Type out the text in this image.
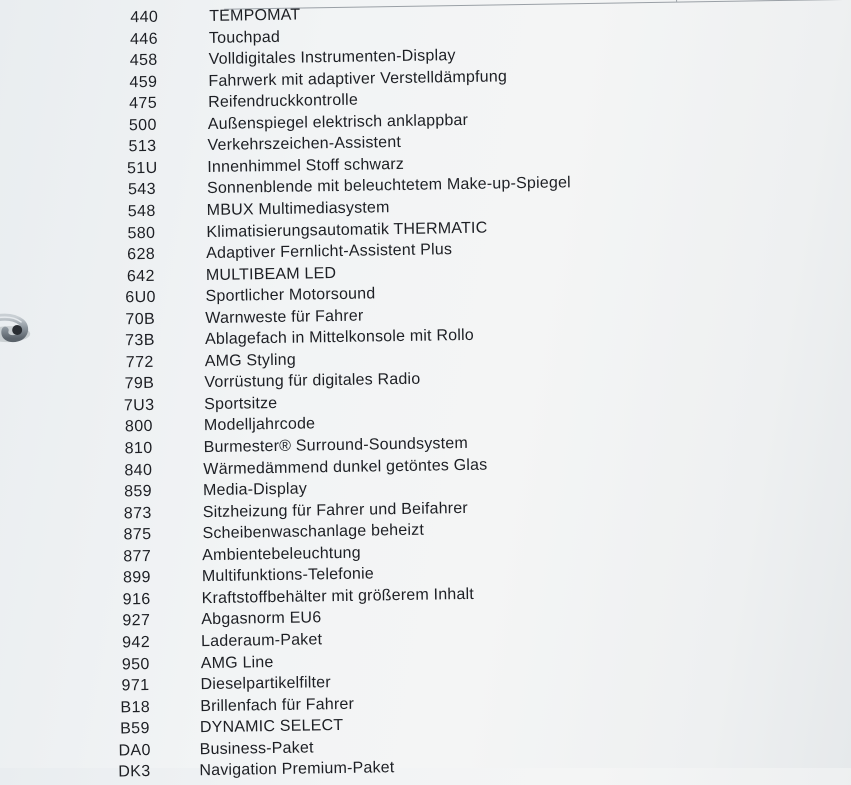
440	TEMPOMAT
446	Touchpad
458	Volldigitales Instrumenten-Display
459	Fahrwerk mit adaptiver Verstelldämpfung
475	Reifendruckkontrolle
500	Außenspiegel elektrisch anklappbar
513	Verkehrszeichen-Assistent
51U	Innenhimmel Stoff schwarz
543	Sonnenblende mit beleuchtetem Make-up-Spiegel
548	MBUX Multimediasystem
580	Klimatisierungsautomatik THERMATIC
628	Adaptiver Fernlicht-Assistent Plus
642	MULTIBEAM LED
6U0	Sportlicher Motorsound
70B	Warnweste für Fahrer
73B	Ablagefach in Mittelkonsole mit Rollo
772	AMG Styling
79B	Vorrüstung für digitales Radio
7U3	Sportsitze
800	Modelljahrcode
810	Burmester® Surround-Soundsystem
840	Wärmedämmend dunkel getöntes Glas
859	Media-Display
873	Sitzheizung für Fahrer und Beifahrer
875	Scheibenwaschanlage beheizt
877	Ambientebeleuchtung
899	Multifunktions-Telefonie
916	Kraftstoffbehälter mit größerem Inhalt
927	Abgasnorm EU6
942	Laderaum-Paket
950	AMG Line
971	Dieselpartikelfilter
B18	Brillenfach für Fahrer
B59	DYNAMIC SELECT
DA0	Business-Paket
DK3	Navigation Premium-Paket
